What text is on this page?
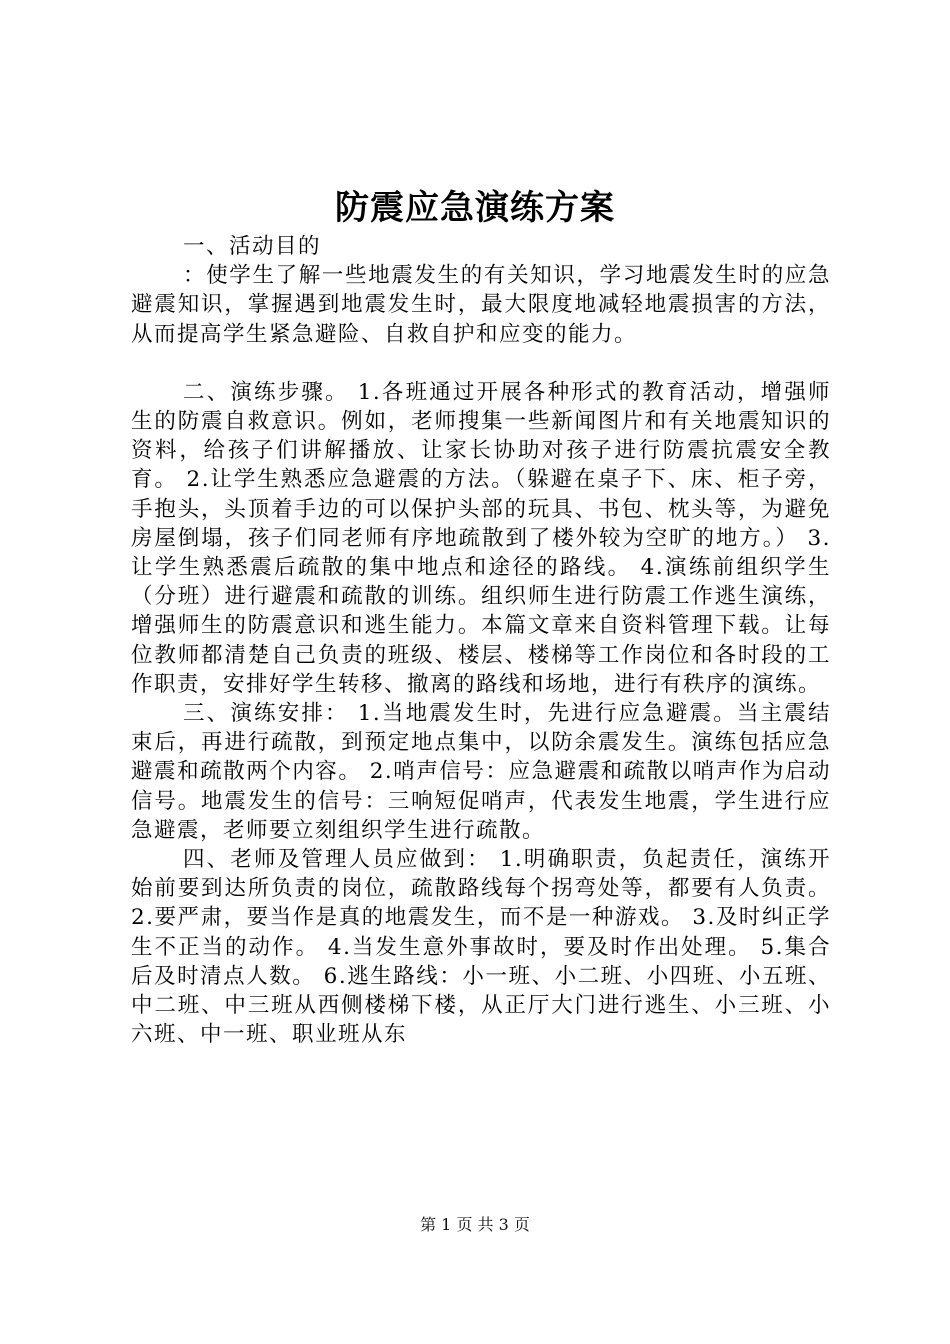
防震应急演练方案

一、活动目的

：使学生了解一些地震发生的有关知识，学习地震发生时的应急避震知识，掌握遇到地震发生时，最大限度地减轻地震损害的方法，从而提高学生紧急避险、自救自护和应变的能力。

二、演练步骤。 1.各班通过开展各种形式的教育活动，增强师生的防震自救意识。例如，老师搜集一些新闻图片和有关地震知识的资料，给孩子们讲解播放、让家长协助对孩子进行防震抗震安全教育。 2.让学生熟悉应急避震的方法。（躲避在桌子下、床、柜子旁，手抱头，头顶着手边的可以保护头部的玩具、书包、枕头等，为避免房屋倒塌，孩子们同老师有序地疏散到了楼外较为空旷的地方。） 3.让学生熟悉震后疏散的集中地点和途径的路线。 4.演练前组织学生（分班）进行避震和疏散的训练。组织师生进行防震工作逃生演练，增强师生的防震意识和逃生能力。本篇文章来自资料管理下载。让每位教师都清楚自己负责的班级、楼层、楼梯等工作岗位和各时段的工作职责，安排好学生转移、撤离的路线和场地，进行有秩序的演练。

三、演练安排： 1.当地震发生时，先进行应急避震。当主震结束后，再进行疏散，到预定地点集中，以防余震发生。演练包括应急避震和疏散两个内容。 2.哨声信号：应急避震和疏散以哨声作为启动信号。地震发生的信号：三响短促哨声，代表发生地震，学生进行应急避震，老师要立刻组织学生进行疏散。

四、老师及管理人员应做到： 1.明确职责，负起责任，演练开始前要到达所负责的岗位，疏散路线每个拐弯处等，都要有人负责。 2.要严肃，要当作是真的地震发生，而不是一种游戏。 3.及时纠正学生不正当的动作。 4.当发生意外事故时，要及时作出处理。 5.集合后及时清点人数。 6.逃生路线：小一班、小二班、小四班、小五班、中二班、中三班从西侧楼梯下楼，从正厅大门进行逃生、小三班、小六班、中一班、职业班从东

第 1 页 共 3 页
